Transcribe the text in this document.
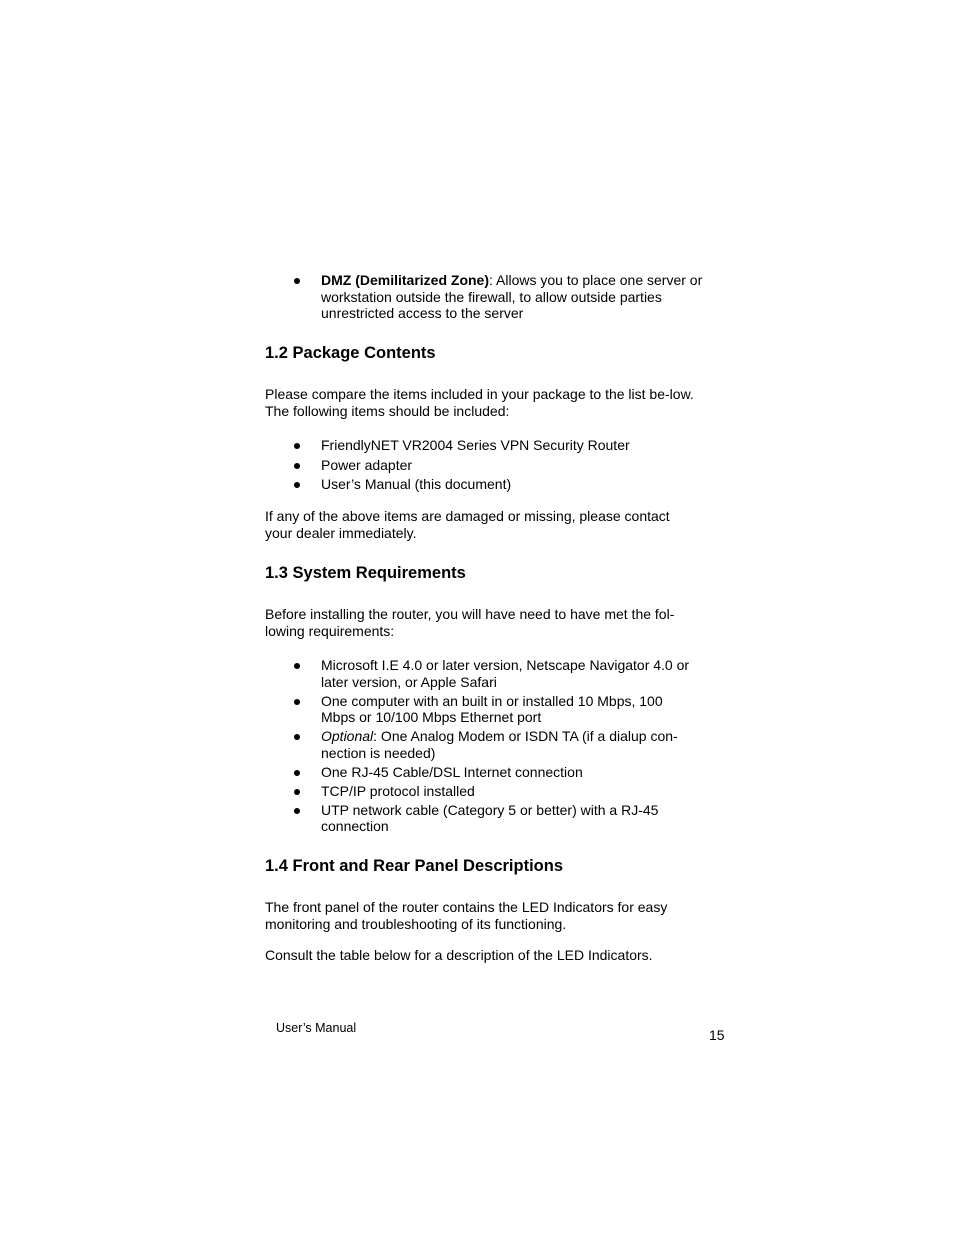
DMZ (Demilitarized Zone): Allows you to place one server or workstation outside the firewall, to allow outside parties unrestricted access to the server
1.2 Package Contents

Please compare the items included in your package to the list be-low. The following items should be included:

FriendlyNET VR2004 Series VPN Security Router
Power adapter
User’s Manual (this document)

If any of the above items are damaged or missing, please contact your dealer immediately.

1.3 System Requirements

Before installing the router, you will have need to have met the fol-lowing requirements:

Microsoft I.E 4.0 or later version, Netscape Navigator 4.0 or later version, or Apple Safari
One computer with an built in or installed 10 Mbps, 100 Mbps or 10/100 Mbps Ethernet port
Optional: One Analog Modem or ISDN TA (if a dialup con-nection is needed)
One RJ-45 Cable/DSL Internet connection
TCP/IP protocol installed
UTP network cable (Category 5 or better) with a RJ-45 connection
1.4 Front and Rear Panel Descriptions

The front panel of the router contains the LED Indicators for easy monitoring and troubleshooting of its functioning.

Consult the table below for a description of the LED Indicators.

User’s Manual	15
